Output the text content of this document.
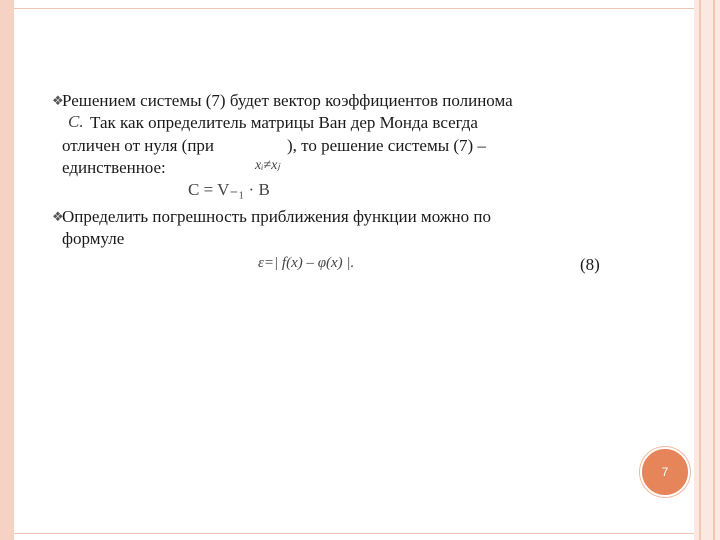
❖
Решением системы (7) будет вектор коэффициентов полинома
C. Так как определитель матрицы Ван дер Монда всегда
отличен от нуля (при	), то решение системы (7) –
единственное:	xᵢ≠xⱼ
C = V₋₁ · B
❖
Определить погрешность приближения функции можно по
формуле
ε=| f(x) – φ(x) |.	(8)
7
